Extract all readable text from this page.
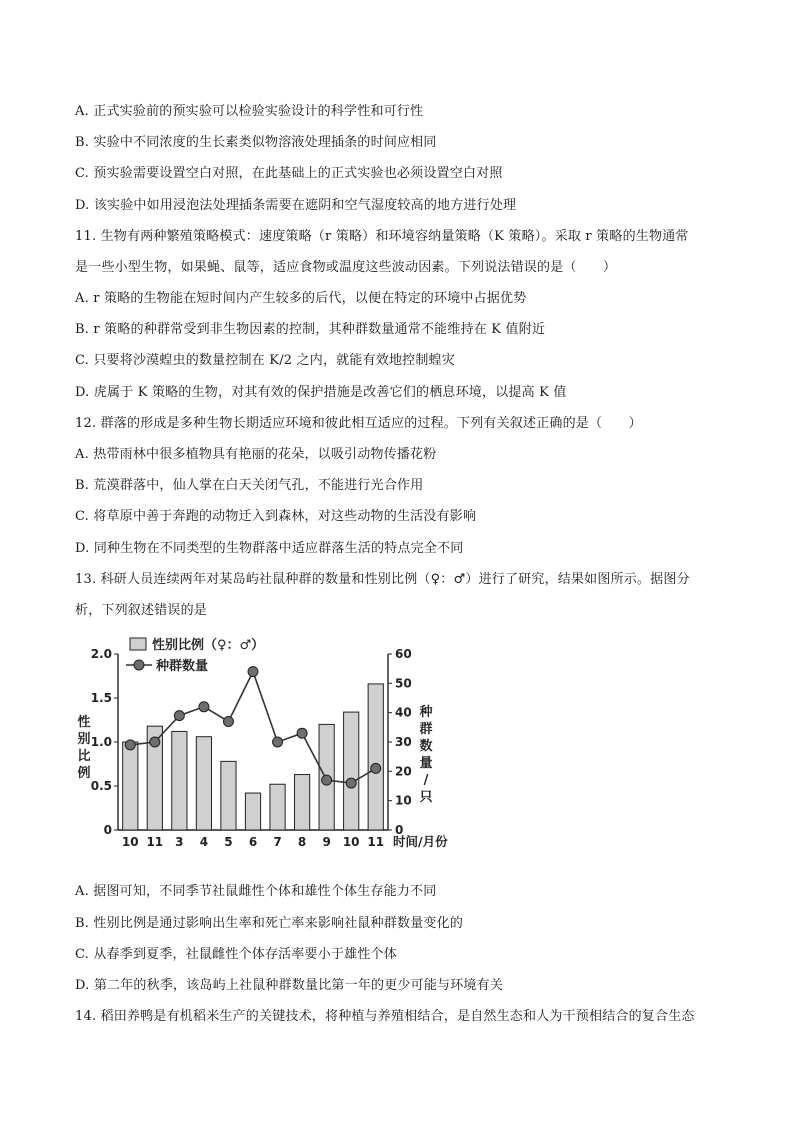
A. 正式实验前的预实验可以检验实验设计的科学性和可行性
B. 实验中不同浓度的生长素类似物溶液处理插条的时间应相同
C. 预实验需要设置空白对照，在此基础上的正式实验也必须设置空白对照
D. 该实验中如用浸泡法处理插条需要在遮阴和空气湿度较高的地方进行处理
11. 生物有两种繁殖策略模式：速度策略（r 策略）和环境容纳量策略（K 策略）。采取 r 策略的生物通常
是一些小型生物，如果蝇、鼠等，适应食物或温度这些波动因素。下列说法错误的是（　　）
A. r 策略的生物能在短时间内产生较多的后代，以便在特定的环境中占据优势
B. r 策略的种群常受到非生物因素的控制，其种群数量通常不能维持在 K 值附近
C. 只要将沙漠蝗虫的数量控制在 K/2 之内，就能有效地控制蝗灾
D. 虎属于 K 策略的生物，对其有效的保护措施是改善它们的栖息环境，以提高 K 值
12. 群落的形成是多种生物长期适应环境和彼此相互适应的过程。下列有关叙述正确的是（　　）
A. 热带雨林中很多植物具有艳丽的花朵，以吸引动物传播花粉
B. 荒漠群落中，仙人掌在白天关闭气孔，不能进行光合作用
C. 将草原中善于奔跑的动物迁入到森林，对这些动物的生活没有影响
D. 同种生物在不同类型的生物群落中适应群落生活的特点完全不同
13. 科研人员连续两年对某岛屿社鼠种群的数量和性别比例（♀：♂）进行了研究，结果如图所示。据图分
析，下列叙述错误的是
0
0.5
1.0
1.5
2.0
0
10
20
30
40
50
60
10 11 3 4 5 6 7 8 9 10 11 时间/月份
性
别
比
例
种
群
数
量
/
只
性别比例（♀：♂）
种群数量
A. 据图可知，不同季节社鼠雌性个体和雄性个体生存能力不同
B. 性别比例是通过影响出生率和死亡率来影响社鼠种群数量变化的
C. 从春季到夏季，社鼠雌性个体存活率要小于雄性个体
D. 第二年的秋季，该岛屿上社鼠种群数量比第一年的更少可能与环境有关
14. 稻田养鸭是有机稻米生产的关键技术，将种植与养殖相结合，是自然生态和人为干预相结合的复合生态
